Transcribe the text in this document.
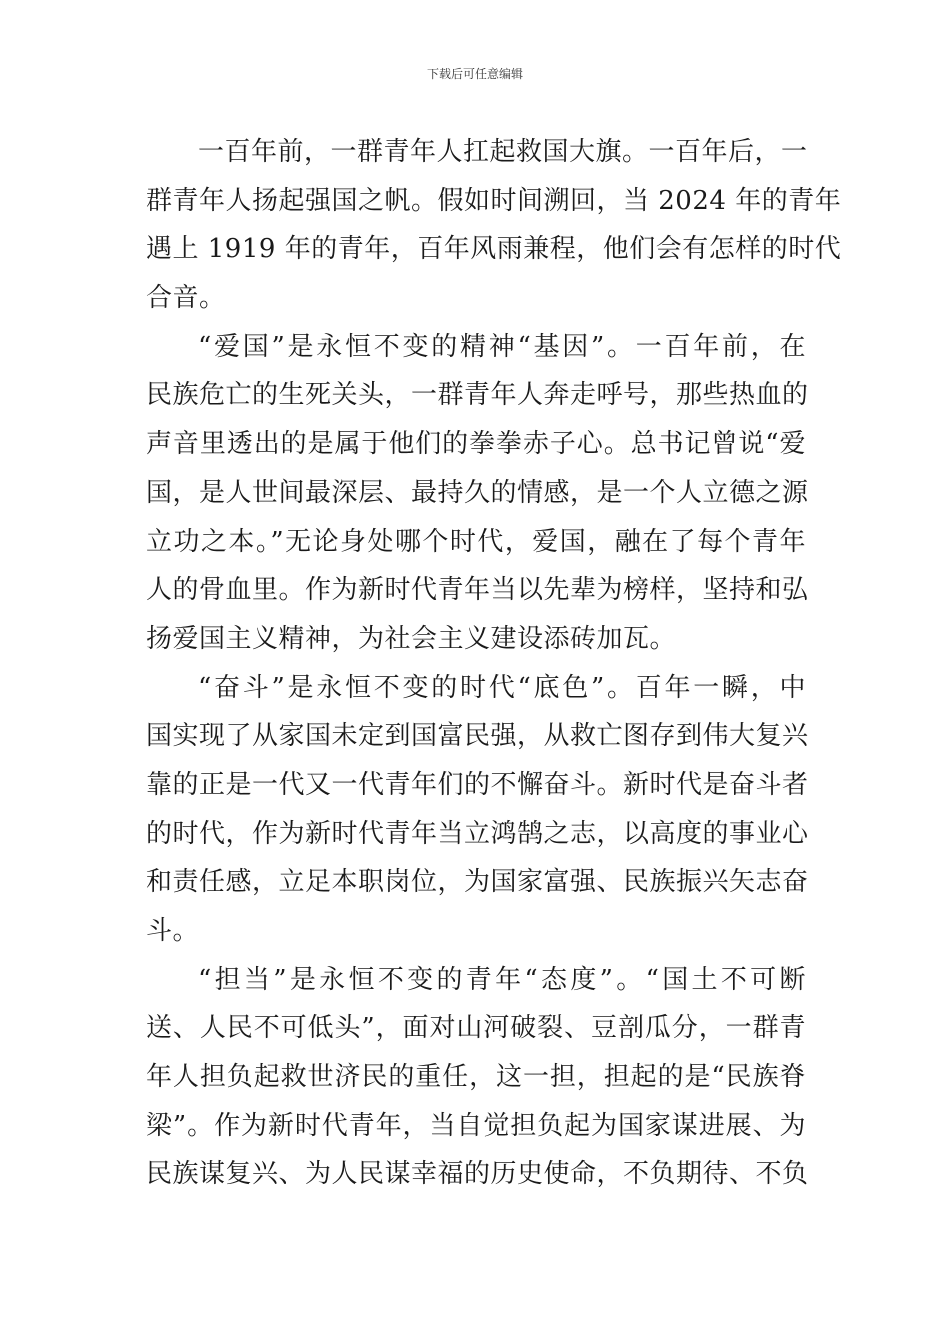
下载后可任意编辑
一百年前，一群青年人扛起救国大旗。一百年后，一
群青年人扬起强国之帆。假如时间溯回，当 2024 年的青年
遇上 1919 年的青年，百年风雨兼程，他们会有怎样的时代
合音。
“爱国”是永恒不变的精神“基因”。一百年前，在
民族危亡的生死关头，一群青年人奔走呼号，那些热血的
声音里透出的是属于他们的拳拳赤子心。总书记曾说“爱
国，是人世间最深层、最持久的情感，是一个人立德之源
立功之本。”无论身处哪个时代，爱国，融在了每个青年
人的骨血里。作为新时代青年当以先辈为榜样，坚持和弘
扬爱国主义精神，为社会主义建设添砖加瓦。
“奋斗”是永恒不变的时代“底色”。百年一瞬，中
国实现了从家国未定到国富民强，从救亡图存到伟大复兴
靠的正是一代又一代青年们的不懈奋斗。新时代是奋斗者
的时代，作为新时代青年当立鸿鹄之志，以高度的事业心
和责任感，立足本职岗位，为国家富强、民族振兴矢志奋
斗。
“担当”是永恒不变的青年“态度”。“国土不可断
送、人民不可低头”，面对山河破裂、豆剖瓜分，一群青
年人担负起救世济民的重任，这一担，担起的是“民族脊
梁”。作为新时代青年，当自觉担负起为国家谋进展、为
民族谋复兴、为人民谋幸福的历史使命，不负期待、不负
